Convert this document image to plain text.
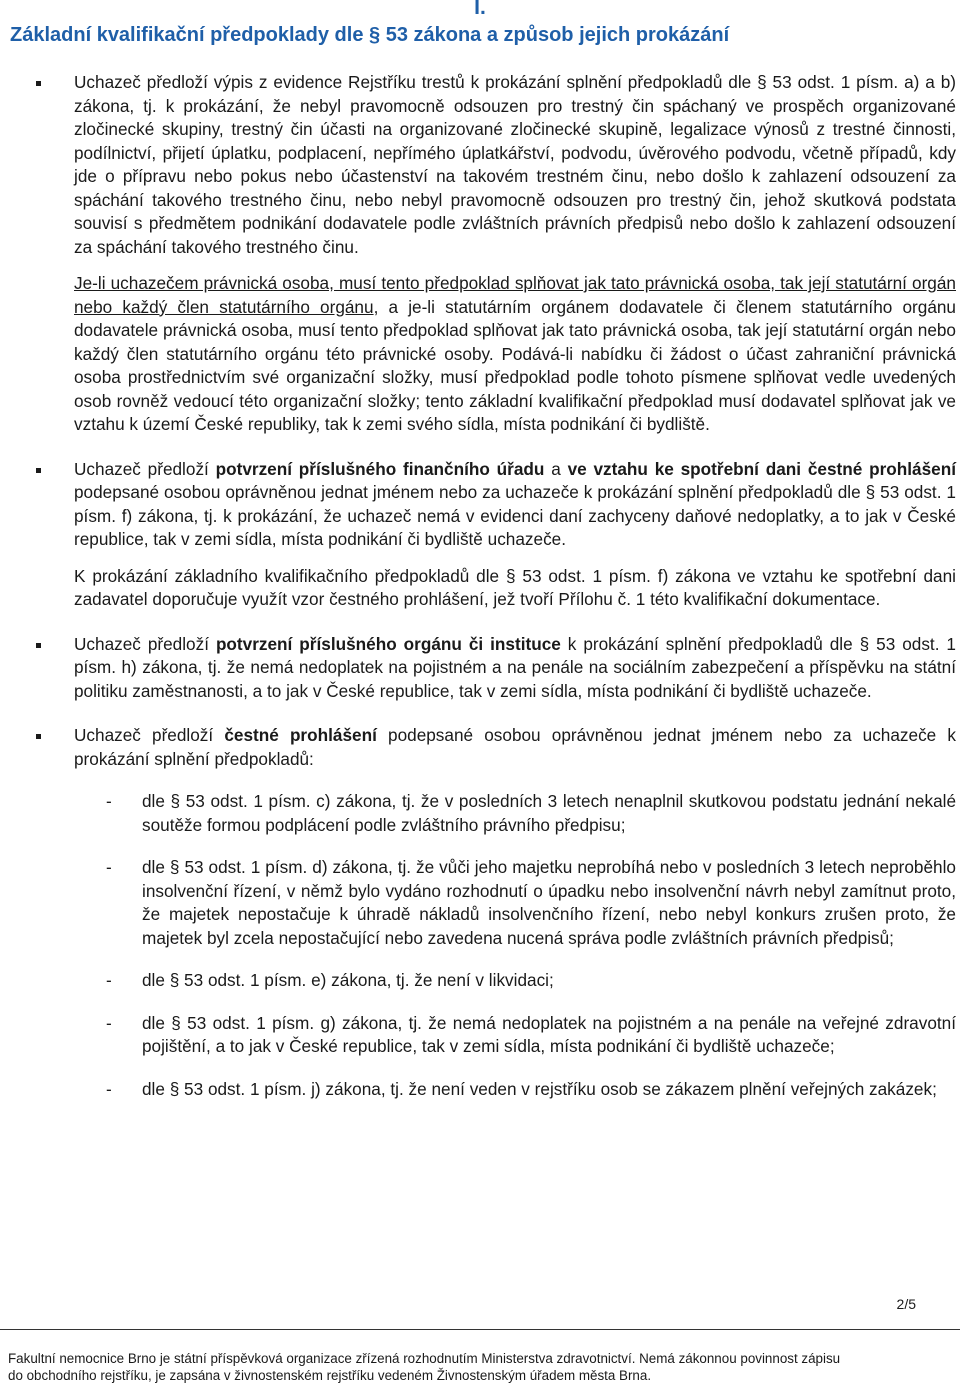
I.
Základní kvalifikační předpoklady dle § 53 zákona a způsob jejich prokázání
Uchazeč předloží výpis z evidence Rejstříku trestů k prokázání splnění předpokladů dle § 53 odst. 1 písm. a) a b) zákona, tj. k prokázání, že nebyl pravomocně odsouzen pro trestný čin spáchaný ve prospěch organizované zločinecké skupiny, trestný čin účasti na organizované zločinecké skupině, legalizace výnosů z trestné činnosti, podílnictví, přijetí úplatku, podplacení, nepřímého úplatkářství, podvodu, úvěrového podvodu, včetně případů, kdy jde o přípravu nebo pokus nebo účastenství na takovém trestném činu, nebo došlo k zahlazení odsouzení za spáchání takového trestného činu, nebo nebyl pravomocně odsouzen pro trestný čin, jehož skutková podstata souvisí s předmětem podnikání dodavatele podle zvláštních právních předpisů nebo došlo k zahlazení odsouzení za spáchání takového trestného činu.
Je-li uchazečem právnická osoba, musí tento předpoklad splňovat jak tato právnická osoba, tak její statutární orgán nebo každý člen statutárního orgánu, a je-li statutárním orgánem dodavatele či členem statutárního orgánu dodavatele právnická osoba, musí tento předpoklad splňovat jak tato právnická osoba, tak její statutární orgán nebo každý člen statutárního orgánu této právnické osoby. Podává-li nabídku či žádost o účast zahraniční právnická osoba prostřednictvím své organizační složky, musí předpoklad podle tohoto písmene splňovat vedle uvedených osob rovněž vedoucí této organizační složky; tento základní kvalifikační předpoklad musí dodavatel splňovat jak ve vztahu k území České republiky, tak k zemi svého sídla, místa podnikání či bydliště.
Uchazeč předloží potvrzení příslušného finančního úřadu a ve vztahu ke spotřební dani čestné prohlášení podepsané osobou oprávněnou jednat jménem nebo za uchazeče k prokázání splnění předpokladů dle § 53 odst. 1 písm. f) zákona, tj. k prokázání, že uchazeč nemá v evidenci daní zachyceny daňové nedoplatky, a to jak v České republice, tak v zemi sídla, místa podnikání či bydliště uchazeče.
K prokázání základního kvalifikačního předpokladů dle § 53 odst. 1 písm. f) zákona ve vztahu ke spotřební dani zadavatel doporučuje využít vzor čestného prohlášení, jež tvoří Přílohu č. 1 této kvalifikační dokumentace.
Uchazeč předloží potvrzení příslušného orgánu či instituce k prokázání splnění předpokladů dle § 53 odst. 1 písm. h) zákona, tj. že nemá nedoplatek na pojistném a na penále na sociálním zabezpečení a příspěvku na státní politiku zaměstnanosti, a to jak v České republice, tak v zemi sídla, místa podnikání či bydliště uchazeče.
Uchazeč předloží čestné prohlášení podepsané osobou oprávněnou jednat jménem nebo za uchazeče k prokázání splnění předpokladů:
- dle § 53 odst. 1 písm. c) zákona, tj. že v posledních 3 letech nenaplnil skutkovou podstatu jednání nekalé soutěže formou podplácení podle zvláštního právního předpisu;
- dle § 53 odst. 1 písm. d) zákona, tj. že vůči jeho majetku neprobíhá nebo v posledních 3 letech neproběhlo insolvenční řízení, v němž bylo vydáno rozhodnutí o úpadku nebo insolvenční návrh nebyl zamítnut proto, že majetek nepostačuje k úhradě nákladů insolvenčního řízení, nebo nebyl konkurs zrušen proto, že majetek byl zcela nepostačující nebo zavedena nucená správa podle zvláštních právních předpisů;
- dle § 53 odst. 1 písm. e) zákona, tj. že není v likvidaci;
- dle § 53 odst. 1 písm. g) zákona, tj. že nemá nedoplatek na pojistném a na penále na veřejné zdravotní pojištění, a to jak v České republice, tak v zemi sídla, místa podnikání či bydliště uchazeče;
- dle § 53 odst. 1 písm. j) zákona, tj. že není veden v rejstříku osob se zákazem plnění veřejných zakázek;
2/5
Fakultní nemocnice Brno je státní příspěvková organizace zřízená rozhodnutím Ministerstva zdravotnictví. Nemá zákonnou povinnost zápisu
do obchodního rejstříku, je zapsána v živnostenském rejstříku vedeném Živnostenským úřadem města Brna.
